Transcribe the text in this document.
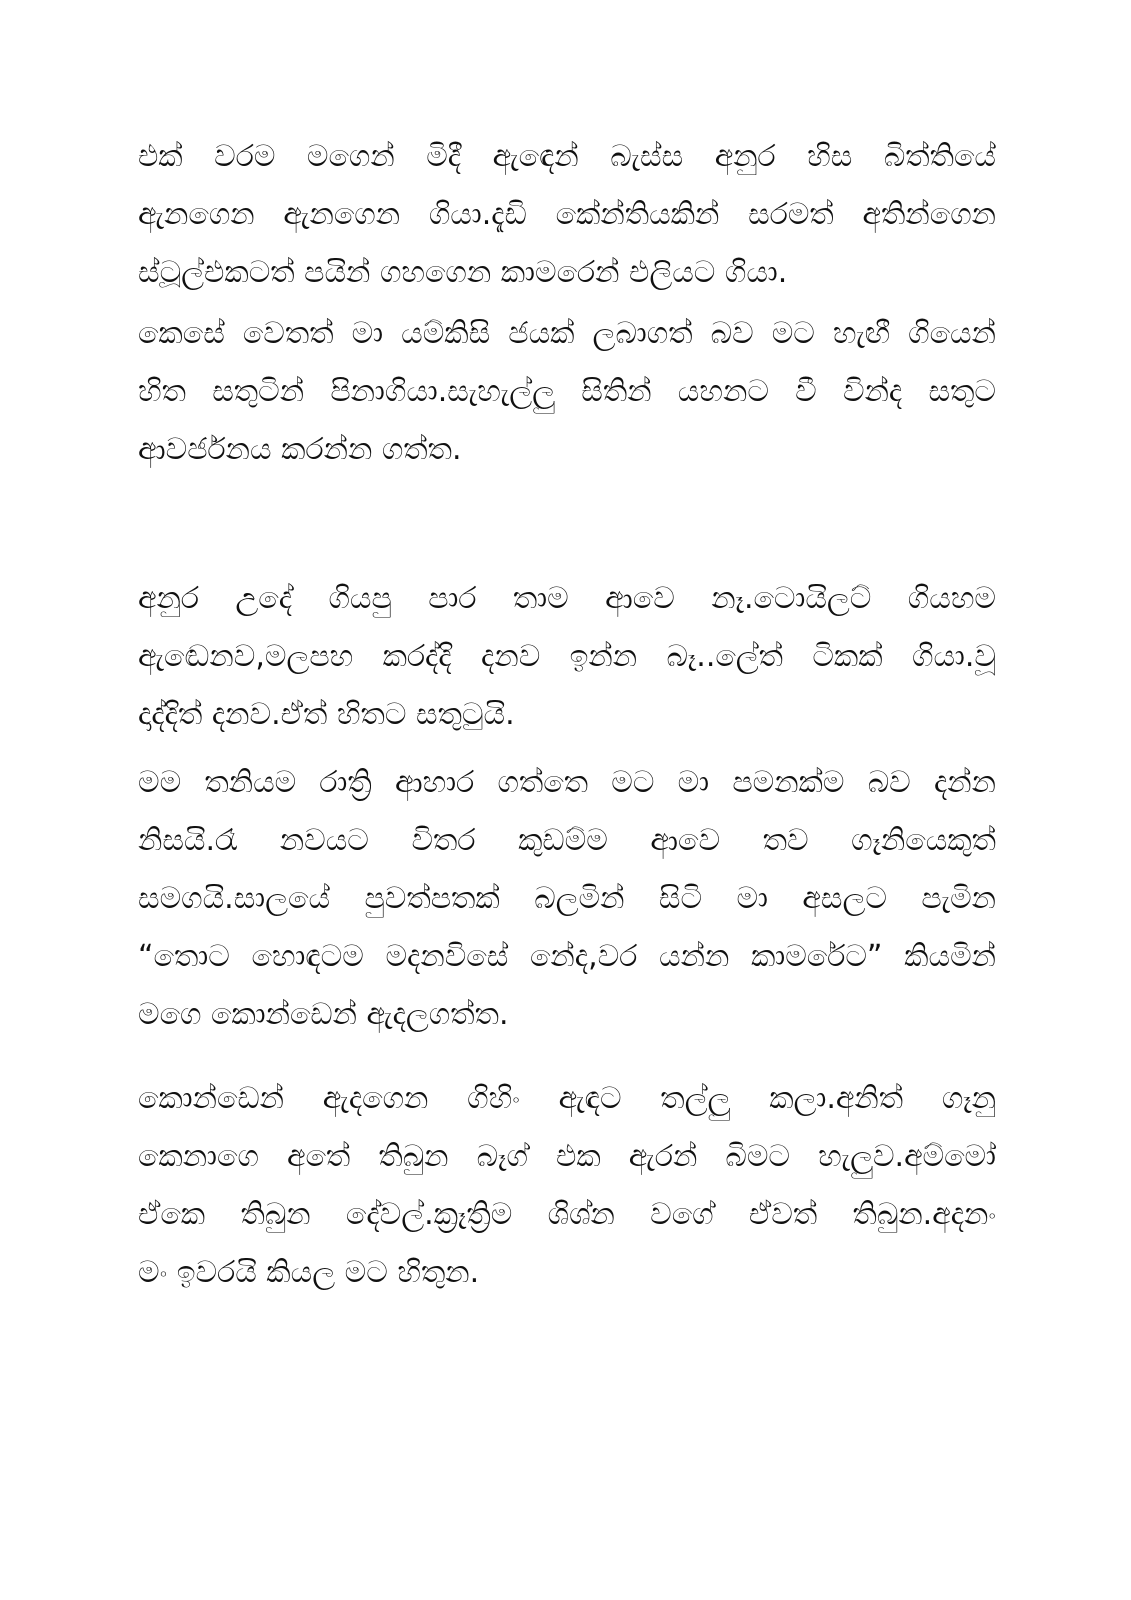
එක් වරම මගෙන් මිදී ඇඳෙන් බැස්ස අනුර හිස බිත්තියේ
ඇනගෙන ඇනගෙන ගියා.දැඩි කේන්තියකින් සරමත් අතින්ගෙන
ස්ටූල්එකටත් පයින් ගහගෙන කාමරෙන් එලියට ගියා.

කෙසේ වෙතත් මා යම්කිසි ජයක් ලබාගත් බව මට හැඟී ගියෙන්
හිත සතුටින් පිනාගියා.සැහැල්ලු සිතින් යහනට වී වින්ද සතුට
ආවර්ජනය කරන්න ගත්ත.

අනුර උදේ ගියපු පාර තාම ආවෙ නෑ.ටොයිලට් ගියහම
ඇඬෙනව,මලපහ කරද්දි දනව ඉන්න බෑ..ලේත් ටිකක් ගියා.වූ
දාද්දිත් දනව.ඒත් හිතට සතුටුයි.

මම තනියම රාත්‍රි ආහාර ගත්තෙ මට මා පමනක්ම බව දන්න
නිසයි.රෑ නවයට විතර කුඩම්ම ආවෙ තව ගෑනියෙකුත්
සමගයි.සාලයේ පුවත්පතක් බලමින් සිටි මා අසලට පැමින
“තොට හොඳටම මදනවිසේ නේද,වර යන්න කාමරේට” කියමින්
මගෙ කොන්ඩෙන් ඇදලගත්ත.

කොන්ඩෙන් ඇදගෙන ගිහිං ඇඳට තල්ලු කලා.අනිත් ගෑනු
කෙනාගෙ අතේ තිබුන බෑග් එක ඇරන් බිමට හැලුව.අම්මෝ
ඒකෙ තිබුන දේවල්.ක්‍රෑත්‍රිම ශිශ්න වගේ ඒවත් තිබුන.අදනං
මං ඉවරයි කියල මට හිතුන.
